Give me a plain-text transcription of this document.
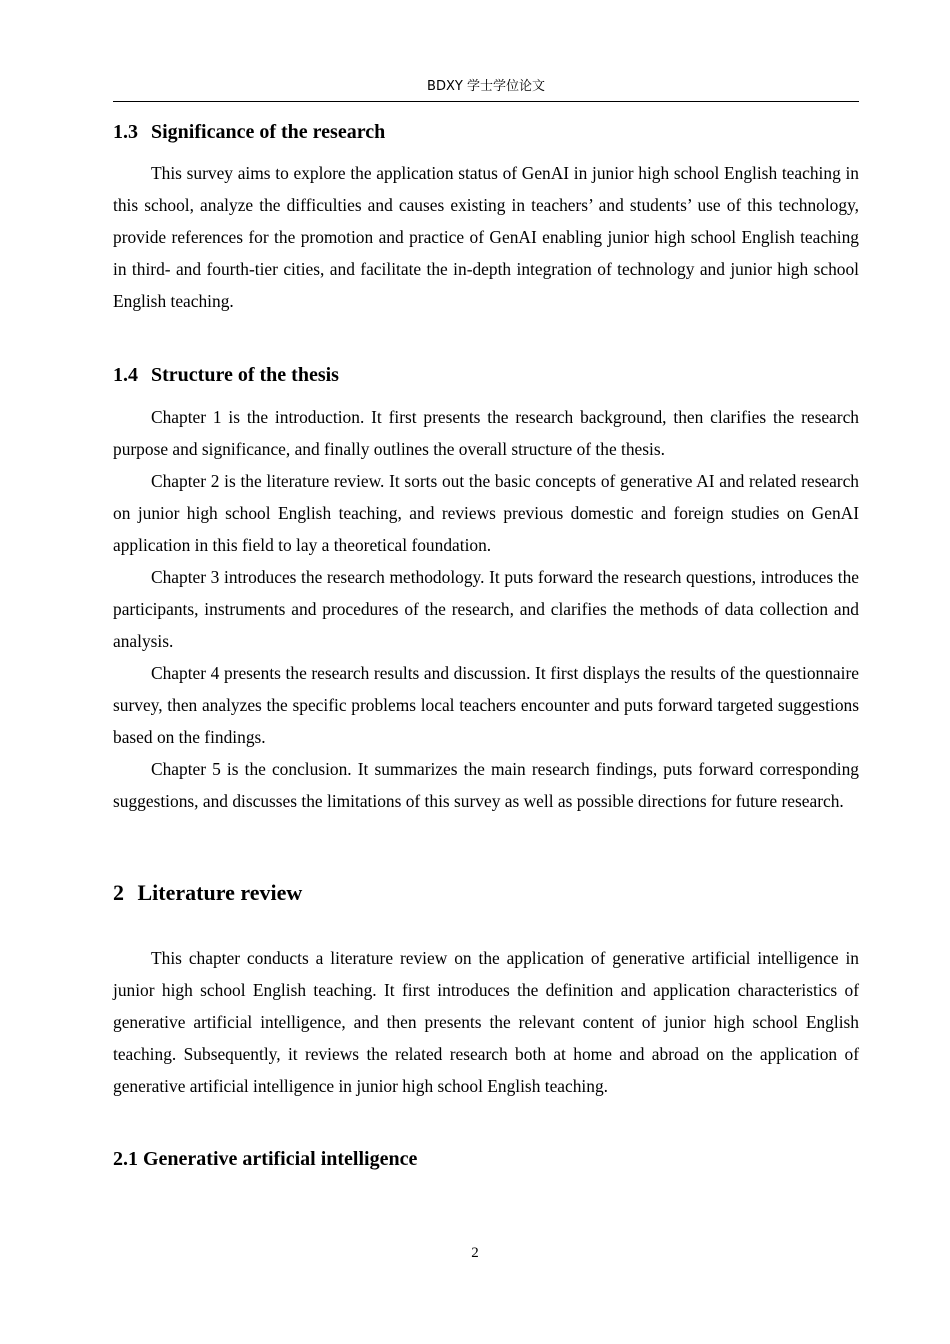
BDXY 学士学位论文
1.3 Significance of the research

This survey aims to explore the application status of GenAI in junior high school English teaching in this school, analyze the difficulties and causes existing in teachers’ and students’ use of this technology, provide references for the promotion and practice of GenAI enabling junior high school English teaching in third- and fourth-tier cities, and facilitate the in-depth integration of technology and junior high school English teaching.

1.4 Structure of the thesis

Chapter 1 is the introduction. It first presents the research background, then clarifies the research purpose and significance, and finally outlines the overall structure of the thesis.

Chapter 2 is the literature review. It sorts out the basic concepts of generative AI and related research on junior high school English teaching, and reviews previous domestic and foreign studies on GenAI application in this field to lay a theoretical foundation.

Chapter 3 introduces the research methodology. It puts forward the research questions, introduces the participants, instruments and procedures of the research, and clarifies the methods of data collection and analysis.

Chapter 4 presents the research results and discussion. It first displays the results of the questionnaire survey, then analyzes the specific problems local teachers encounter and puts forward targeted suggestions based on the findings.

Chapter 5 is the conclusion. It summarizes the main research findings, puts forward corresponding suggestions, and discusses the limitations of this survey as well as possible directions for future research.

2 Literature review

This chapter conducts a literature review on the application of generative artificial intelligence in junior high school English teaching. It first introduces the definition and application characteristics of generative artificial intelligence, and then presents the relevant content of junior high school English teaching. Subsequently, it reviews the related research both at home and abroad on the application of generative artificial intelligence in junior high school English teaching.

2.1 Generative artificial intelligence
2
